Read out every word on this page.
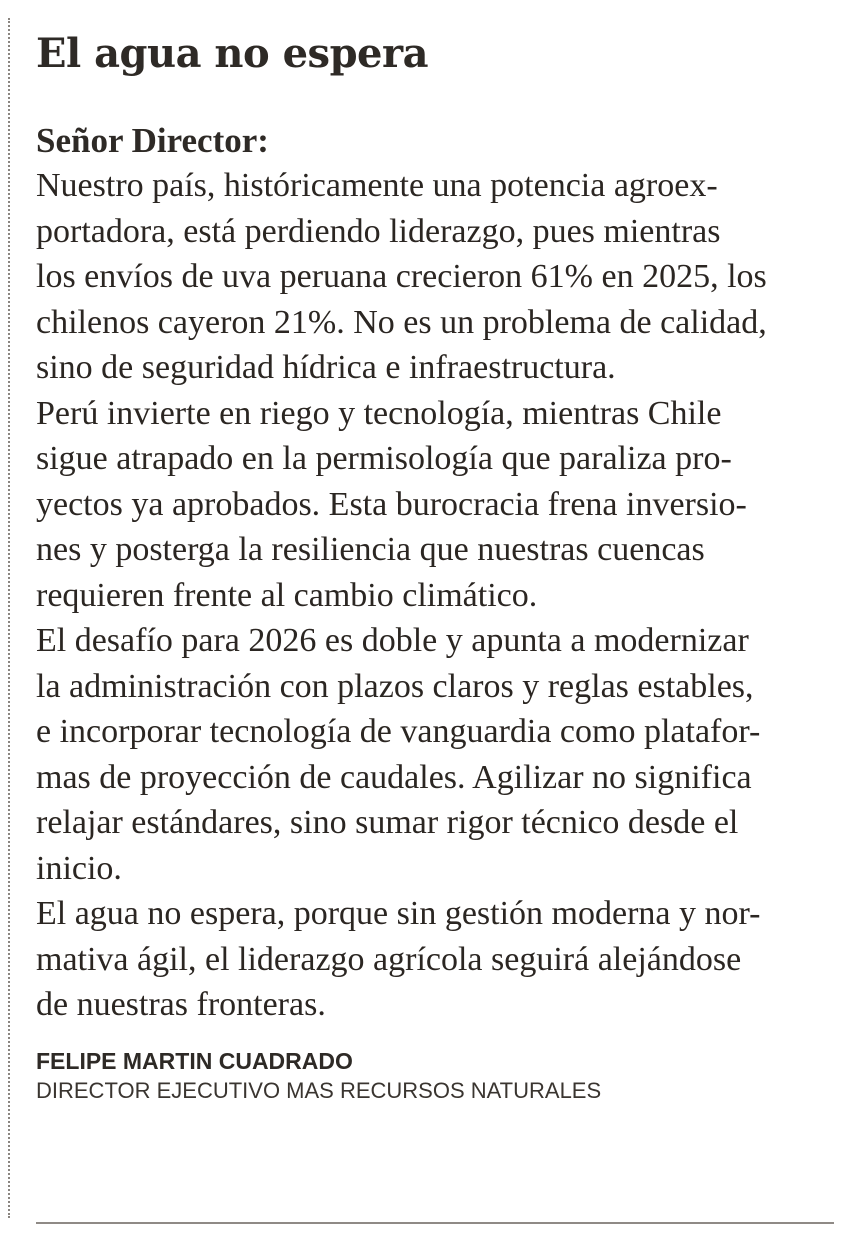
El agua no espera

Señor Director:

Nuestro país, históricamente una potencia agroex-
portadora, está perdiendo liderazgo, pues mientras
los envíos de uva peruana crecieron 61% en 2025, los
chilenos cayeron 21%. No es un problema de calidad,
sino de seguridad hídrica e infraestructura.

Perú invierte en riego y tecnología, mientras Chile
sigue atrapado en la permisología que paraliza pro-
yectos ya aprobados. Esta burocracia frena inversio-
nes y posterga la resiliencia que nuestras cuencas
requieren frente al cambio climático.

El desafío para 2026 es doble y apunta a modernizar
la administración con plazos claros y reglas estables,
e incorporar tecnología de vanguardia como platafor-
mas de proyección de caudales. Agilizar no significa
relajar estándares, sino sumar rigor técnico desde el
inicio.

El agua no espera, porque sin gestión moderna y nor-
mativa ágil, el liderazgo agrícola seguirá alejándose
de nuestras fronteras.

FELIPE MARTIN CUADRADO
DIRECTOR EJECUTIVO MAS RECURSOS NATURALES
